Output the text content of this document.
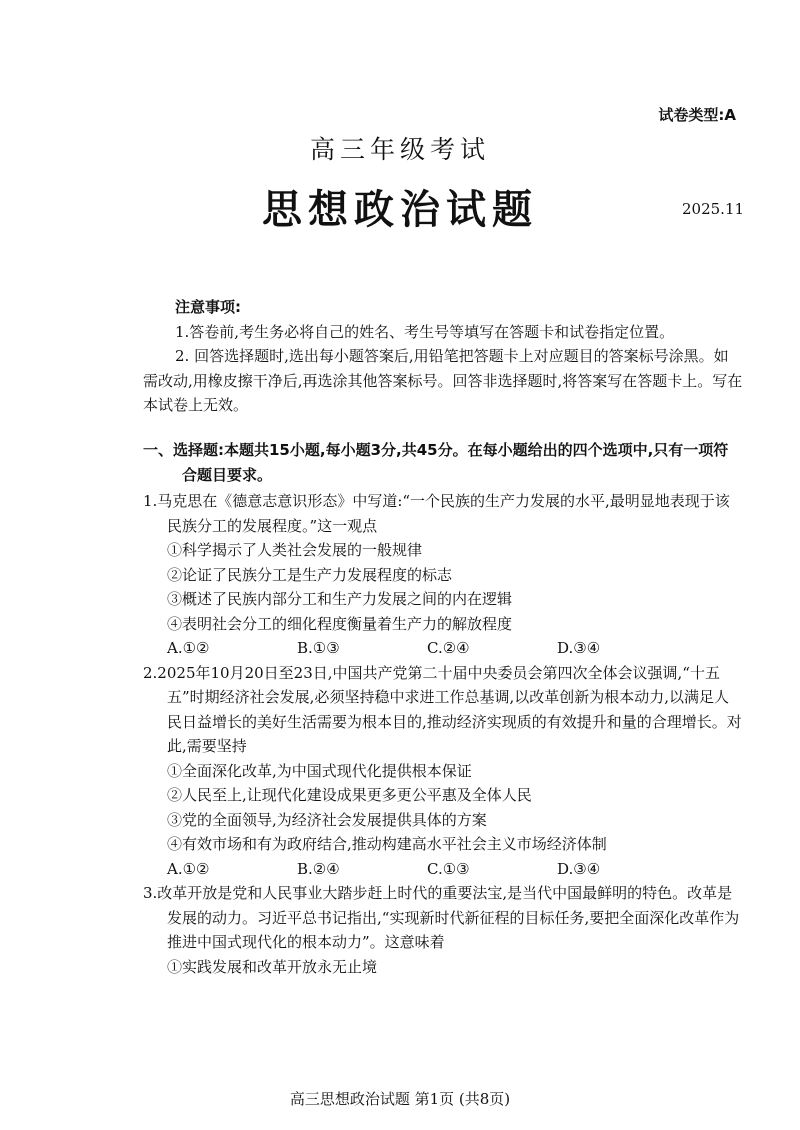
试卷类型:A
高三年级考试
思想政治试题	2025.11
注意事项:

1.答卷前,考生务必将自己的姓名、考生号等填写在答题卡和试卷指定位置。

2. 回答选择题时,选出每小题答案后,用铅笔把答题卡上对应题目的答案标号涂黑。如需改动,用橡皮擦干净后,再选涂其他答案标号。回答非选择题时,将答案写在答题卡上。写在本试卷上无效。

一、选择题:本题共15小题,每小题3分,共45分。在每小题给出的四个选项中,只有一项符合题目要求。

1.马克思在《德意志意识形态》中写道:“一个民族的生产力发展的水平,最明显地表现于该民族分工的发展程度。”这一观点

①科学揭示了人类社会发展的一般规律

②论证了民族分工是生产力发展程度的标志

③概述了民族内部分工和生产力发展之间的内在逻辑

④表明社会分工的细化程度衡量着生产力的解放程度

A.①②	B.①③	C.②④	D.③④

2.2025年10月20日至23日,中国共产党第二十届中央委员会第四次全体会议强调,“十五五”时期经济社会发展,必须坚持稳中求进工作总基调,以改革创新为根本动力,以满足人民日益增长的美好生活需要为根本目的,推动经济实现质的有效提升和量的合理增长。对此,需要坚持

①全面深化改革,为中国式现代化提供根本保证

②人民至上,让现代化建设成果更多更公平惠及全体人民

③党的全面领导,为经济社会发展提供具体的方案

④有效市场和有为政府结合,推动构建高水平社会主义市场经济体制

A.①②	B.②④	C.①③	D.③④

3.改革开放是党和人民事业大踏步赶上时代的重要法宝,是当代中国最鲜明的特色。改革是发展的动力。习近平总书记指出,“实现新时代新征程的目标任务,要把全面深化改革作为推进中国式现代化的根本动力”。这意味着

①实践发展和改革开放永无止境

高三思想政治试题 第1页 (共8页)
